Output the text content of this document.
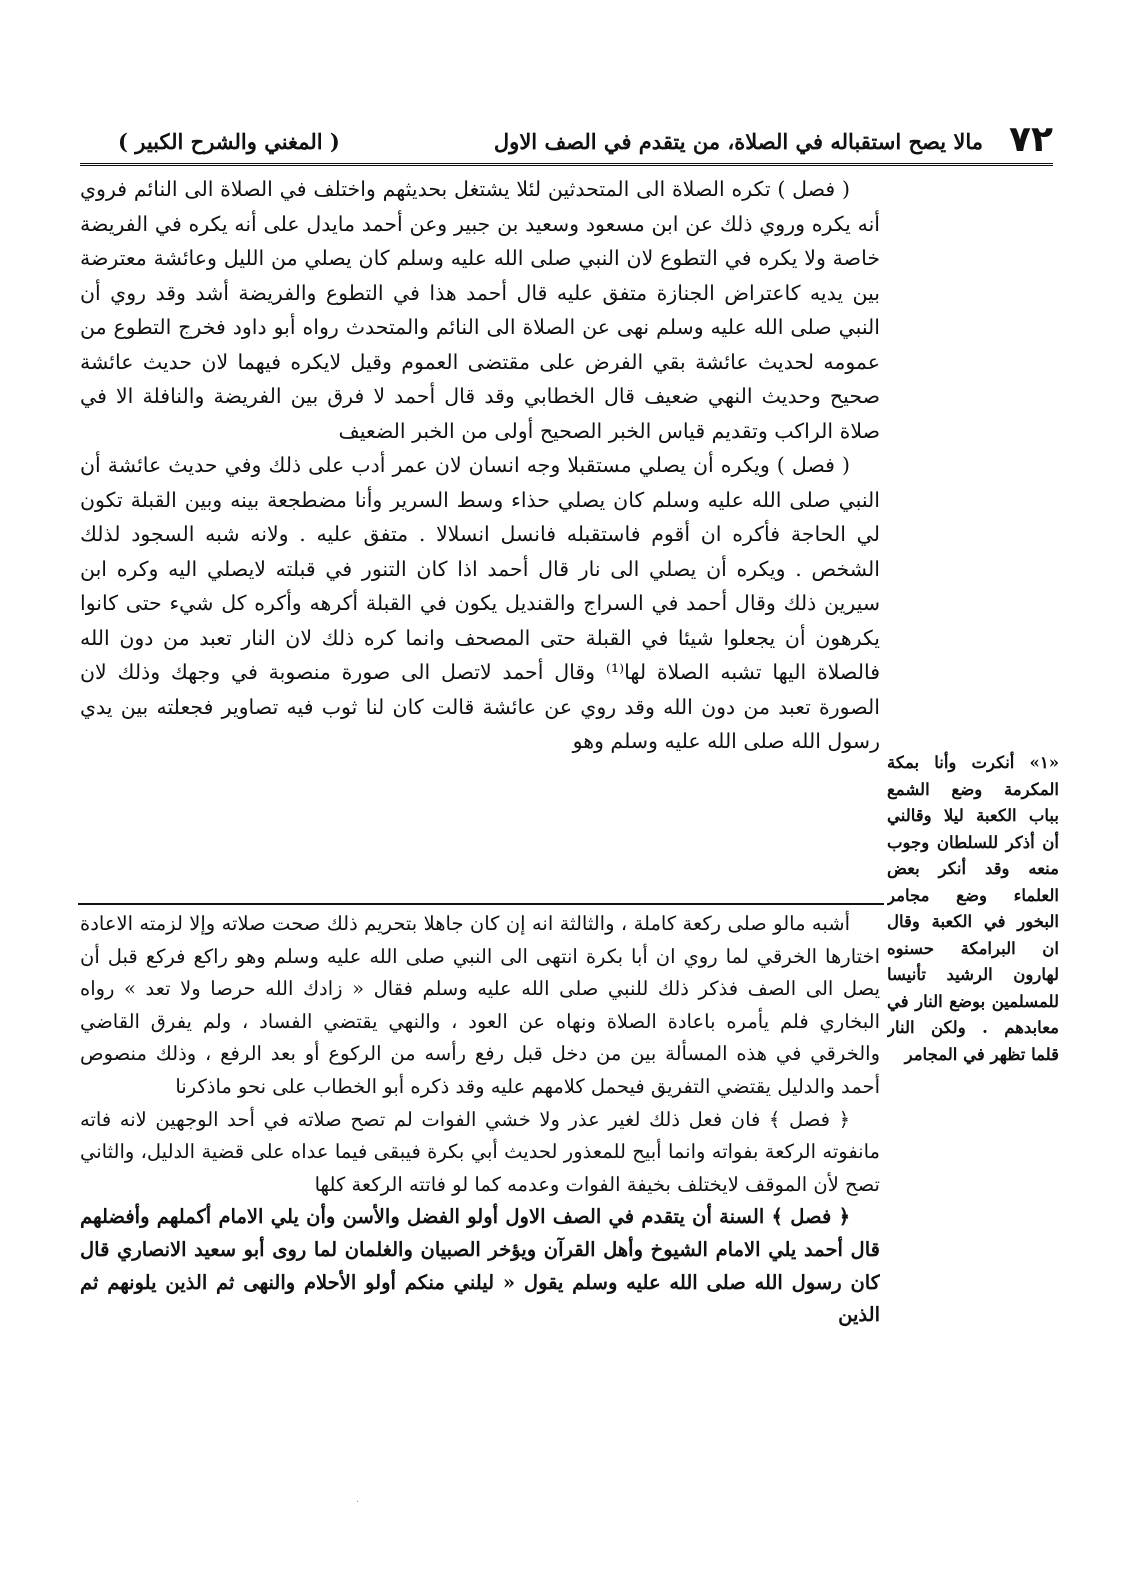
٧٢
مالا يصح استقباله في الصلاة، من يتقدم في الصف الاول
( المغني والشرح الكبير )

( فصل ) تكره الصلاة الى المتحدثين لئلا يشتغل بحديثهم واختلف في الصلاة الى النائم فروي أنه يكره وروي ذلك عن ابن مسعود وسعيد بن جبير وعن أحمد مايدل على أنه يكره في الفريضة خاصة ولا يكره في التطوع لان النبي صلى الله عليه وسلم كان يصلي من الليل وعائشة معترضة بين يديه كاعتراض الجنازة متفق عليه قال أحمد هذا في التطوع والفريضة أشد وقد روي أن النبي صلى الله عليه وسلم نهى عن الصلاة الى النائم والمتحدث رواه أبو داود فخرج التطوع من عمومه لحديث عائشة بقي الفرض على مقتضى العموم وقيل لايكره فيهما لان حديث عائشة صحيح وحديث النهي ضعيف قال الخطابي وقد قال أحمد لا فرق بين الفريضة والنافلة الا في صلاة الراكب وتقديم قياس الخبر الصحيح أولى من الخبر الضعيف

( فصل ) ويكره أن يصلي مستقبلا وجه انسان لان عمر أدب على ذلك وفي حديث عائشة أن النبي صلى الله عليه وسلم كان يصلي حذاء وسط السرير وأنا مضطجعة بينه وبين القبلة تكون لي الحاجة فأكره ان أقوم فاستقبله فانسل انسلالا . متفق عليه . ولانه شبه السجود لذلك الشخص . ويكره أن يصلي الى نار قال أحمد اذا كان التنور في قبلته لايصلي اليه وكره ابن سيرين ذلك وقال أحمد في السراج والقنديل يكون في القبلة أكرهه وأكره كل شيء حتى كانوا يكرهون أن يجعلوا شيئا في القبلة حتى المصحف وانما كره ذلك لان النار تعبد من دون الله فالصلاة اليها تشبه الصلاة لها⁽¹⁾ وقال أحمد لاتصل الى صورة منصوبة في وجهك وذلك لان الصورة تعبد من دون الله وقد روي عن عائشة قالت كان لنا ثوب فيه تصاوير فجعلته بين يدي رسول الله صلى الله عليه وسلم وهو

أشبه مالو صلى ركعة كاملة ، والثالثة انه إن كان جاهلا بتحريم ذلك صحت صلاته وإلا لزمته الاعادة اختارها الخرقي لما روي ان أبا بكرة انتهى الى النبي صلى الله عليه وسلم وهو راكع فركع قبل أن يصل الى الصف فذكر ذلك للنبي صلى الله عليه وسلم فقال « زادك الله حرصا ولا تعد » رواه البخاري فلم يأمره باعادة الصلاة ونهاه عن العود ، والنهي يقتضي الفساد ، ولم يفرق القاضي والخرقي في هذه المسألة بين من دخل قبل رفع رأسه من الركوع أو بعد الرفع ، وذلك منصوص أحمد والدليل يقتضي التفريق فيحمل كلامهم عليه وقد ذكره أبو الخطاب على نحو ماذكرنا

﴿ فصل ﴾ فان فعل ذلك لغير عذر ولا خشي الفوات لم تصح صلاته في أحد الوجهين لانه فاته مانفوته الركعة بفواته وانما أبيح للمعذور لحديث أبي بكرة فيبقى فيما عداه على قضية الدليل، والثاني تصح لأن الموقف لايختلف بخيفة الفوات وعدمه كما لو فاتته الركعة كلها

﴿ فصل ﴾ السنة أن يتقدم في الصف الاول أولو الفضل والأسن وأن يلي الامام أكملهم وأفضلهم قال أحمد يلي الامام الشيوخ وأهل القرآن ويؤخر الصبيان والغلمان لما روى أبو سعيد الانصاري قال كان رسول الله صلى الله عليه وسلم يقول « ليلني منكم أولو الأحلام والنهى ثم الذين يلونهم ثم الذين

«١» أنكرت وأنا بمكة المكرمة وضع الشمع بباب الكعبة ليلا وقالني أن أذكر للسلطان وجوب منعه وقد أنكر بعض العلماء وضع مجامر البخور في الكعبة وقال ان البرامكة حسنوه لهارون الرشيد تأنيسا للمسلمين بوضع النار في معابدهم . ولكن النار قلما تظهر في المجامر
·
